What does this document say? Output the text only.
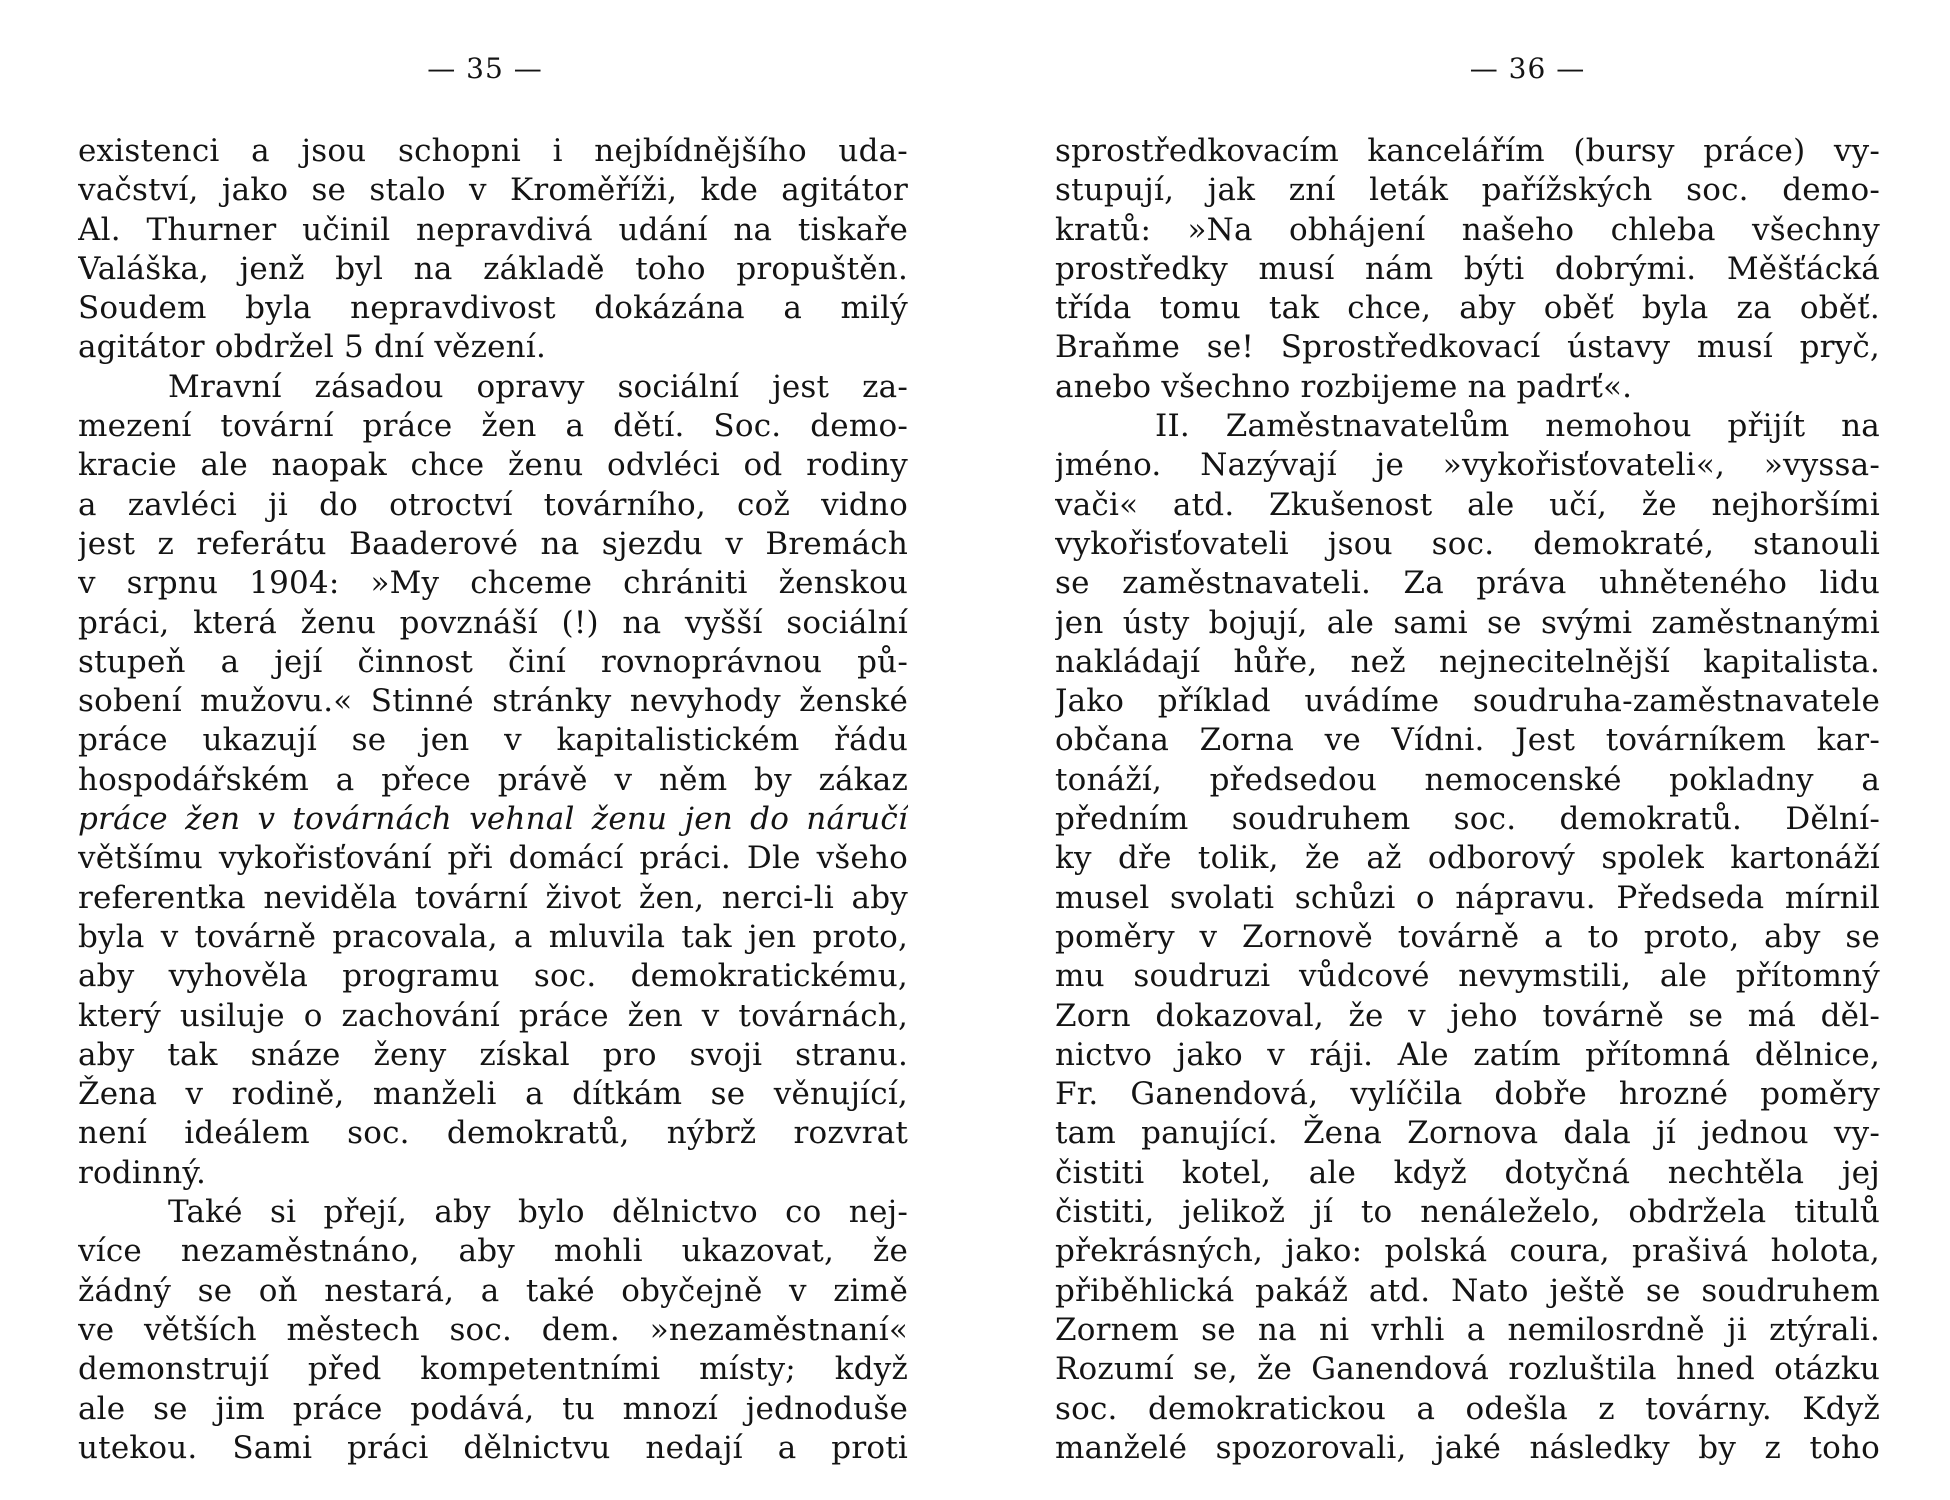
— 35 —
existenci a jsou schopni i nejbídnějšího uda-
vačství, jako se stalo v Kroměříži, kde agitátor
Al. Thurner učinil nepravdivá udání na tiskaře
Valáška, jenž byl na základě toho propuštěn.
Soudem byla nepravdivost dokázána a milý
agitátor obdržel 5 dní vězení.
Mravní zásadou opravy sociální jest za-
mezení tovární práce žen a dětí. Soc. demo-
kracie ale naopak chce ženu odvléci od rodiny
a zavléci ji do otroctví továrního, což vidno
jest z referátu Baaderové na sjezdu v Bremách
v srpnu 1904: »My chceme chrániti ženskou
práci, která ženu povznáší (!) na vyšší sociální
stupeň a její činnost činí rovnoprávnou pů-
sobení mužovu.« Stinné stránky nevyhody ženské
práce ukazují se jen v kapitalistickém řádu
hospodářském a přece právě v něm by zákaz
práce žen v továrnách vehnal ženu jen do náručí
většímu vykořisťování při domácí práci. Dle všeho
referentka neviděla tovární život žen, nerci-li aby
byla v továrně pracovala, a mluvila tak jen proto,
aby vyhověla programu soc. demokratickému,
který usiluje o zachování práce žen v továrnách,
aby tak snáze ženy získal pro svoji stranu.
Žena v rodině, manželi a dítkám se věnující,
není ideálem soc. demokratů, nýbrž rozvrat
rodinný.
Také si přejí, aby bylo dělnictvo co nej-
více nezaměstnáno, aby mohli ukazovat, že
žádný se oň nestará, a také obyčejně v zimě
ve větších městech soc. dem. »nezaměstnaní«
demonstrují před kompetentními místy; když
ale se jim práce podává, tu mnozí jednoduše
utekou. Sami práci dělnictvu nedají a proti
— 36 —
sprostředkovacím kancelářím (bursy práce) vy-
stupují, jak zní leták pařížských soc. demo-
kratů: »Na obhájení našeho chleba všechny
prostředky musí nám býti dobrými. Měšťácká
třída tomu tak chce, aby oběť byla za oběť.
Braňme se! Sprostředkovací ústavy musí pryč,
anebo všechno rozbijeme na padrť«.
II. Zaměstnavatelům nemohou přijít na
jméno. Nazývají je »vykořisťovateli«, »vyssa-
vači« atd. Zkušenost ale učí, že nejhoršími
vykořisťovateli jsou soc. demokraté, stanouli
se zaměstnavateli. Za práva uhněteného lidu
jen ústy bojují, ale sami se svými zaměstnanými
nakládají hůře, než nejnecitelnější kapitalista.
Jako příklad uvádíme soudruha-zaměstnavatele
občana Zorna ve Vídni. Jest továrníkem kar-
tonáží, předsedou nemocenské pokladny a
předním soudruhem soc. demokratů. Dělní-
ky dře tolik, že až odborový spolek kartonáží
musel svolati schůzi o nápravu. Předseda mírnil
poměry v Zornově továrně a to proto, aby se
mu soudruzi vůdcové nevymstili, ale přítomný
Zorn dokazoval, že v jeho továrně se má děl-
nictvo jako v ráji. Ale zatím přítomná dělnice,
Fr. Ganendová, vylíčila dobře hrozné poměry
tam panující. Žena Zornova dala jí jednou vy-
čistiti kotel, ale když dotyčná nechtěla jej
čistiti, jelikož jí to nenáleželo, obdržela titulů
překrásných, jako: polská coura, prašivá holota,
přiběhlická pakáž atd. Nato ještě se soudruhem
Zornem se na ni vrhli a nemilosrdně ji ztýrali.
Rozumí se, že Ganendová rozluštila hned otázku
soc. demokratickou a odešla z továrny. Když
manželé spozorovali, jaké následky by z toho
